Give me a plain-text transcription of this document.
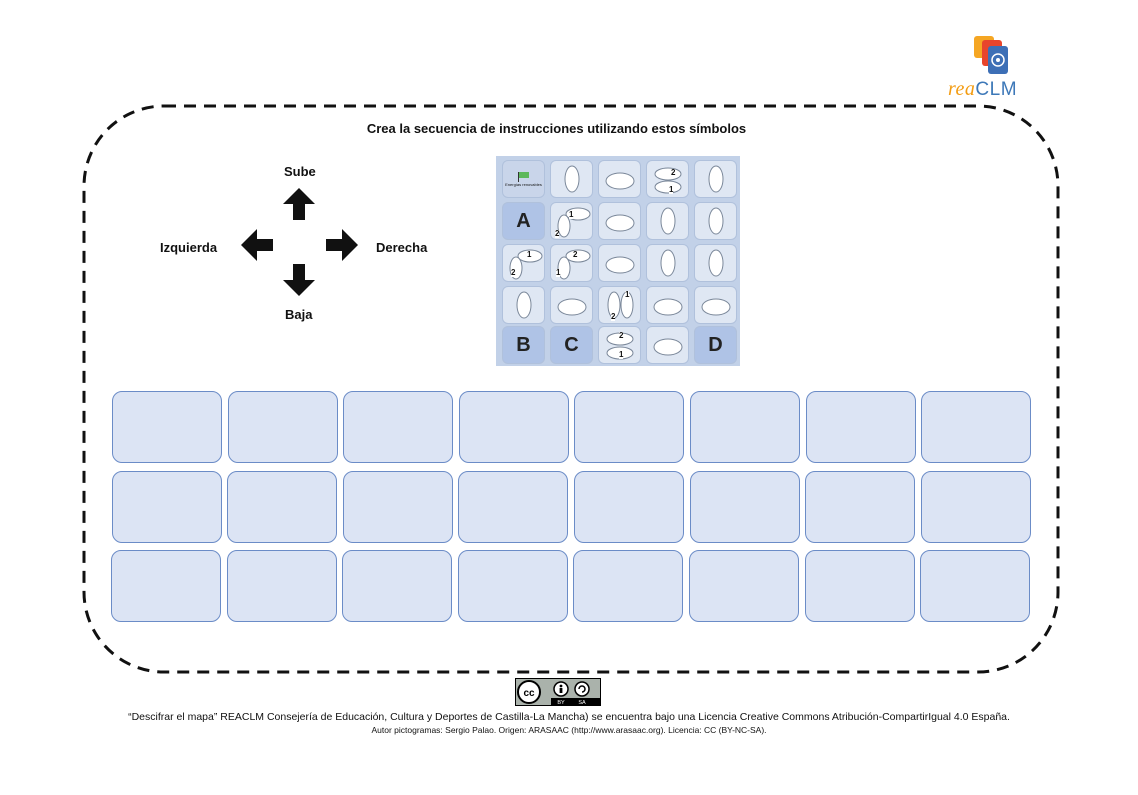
reaCLM
Crea la secuencia de instrucciones utilizando estos símbolos
Sube
Izquierda	Derecha
Baja
Energías renovables
2
1
A	1
2
1
2
2
1
1
2
B	C	2
1	D
cc
BY SA
“Descifrar el mapa” REACLM Consejería de Educación, Cultura y Deportes de Castilla-La Mancha) se encuentra bajo una Licencia Creative Commons Atribución-CompartirIgual 4.0 España.
Autor pictogramas: Sergio Palao. Origen: ARASAAC (http://www.arasaac.org). Licencia: CC (BY-NC-SA).
